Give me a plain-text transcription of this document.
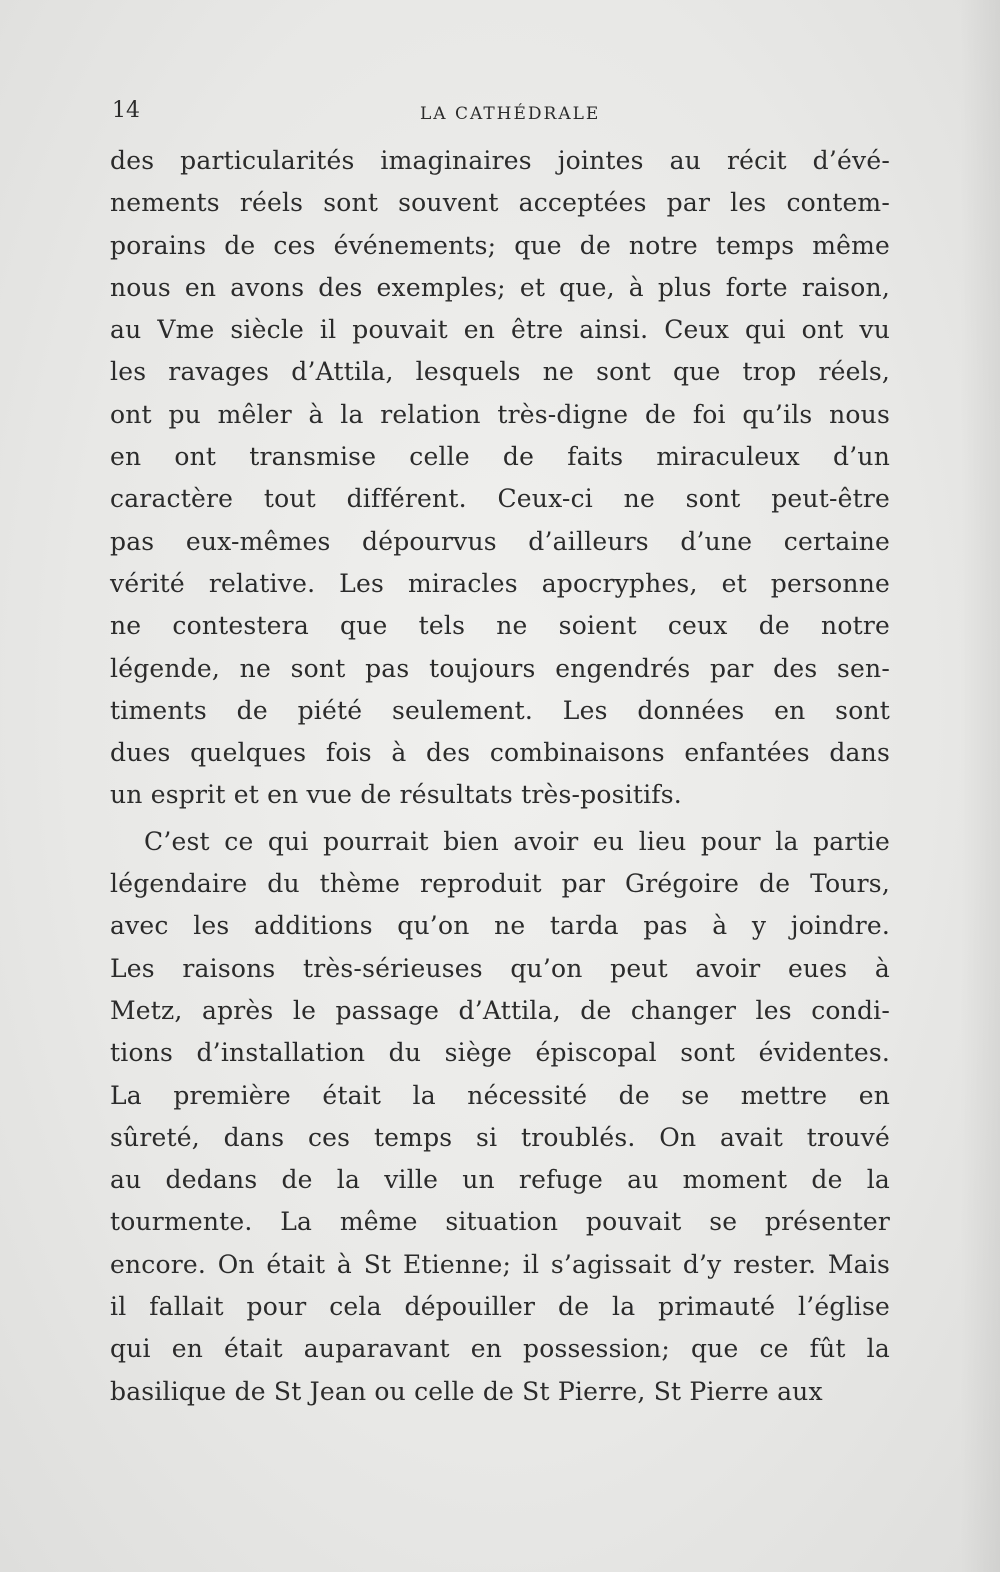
14	LA CATHÉDRALE
des particularités imaginaires jointes au récit d’évé-
nements réels sont souvent acceptées par les contem-
porains de ces événements; que de notre temps même
nous en avons des exemples; et que, à plus forte raison,
au Vme siècle il pouvait en être ainsi. Ceux qui ont vu
les ravages d’Attila, lesquels ne sont que trop réels,
ont pu mêler à la relation très-digne de foi qu’ils nous
en ont transmise celle de faits miraculeux d’un
caractère tout différent. Ceux-ci ne sont peut-être
pas eux-mêmes dépourvus d’ailleurs d’une certaine
vérité relative. Les miracles apocryphes, et personne
ne contestera que tels ne soient ceux de notre
légende, ne sont pas toujours engendrés par des sen-
timents de piété seulement. Les données en sont
dues quelques fois à des combinaisons enfantées dans
un esprit et en vue de résultats très-positifs.
C’est ce qui pourrait bien avoir eu lieu pour la partie
légendaire du thème reproduit par Grégoire de Tours,
avec les additions qu’on ne tarda pas à y joindre.
Les raisons très-sérieuses qu’on peut avoir eues à
Metz, après le passage d’Attila, de changer les condi-
tions d’installation du siège épiscopal sont évidentes.
La première était la nécessité de se mettre en
sûreté, dans ces temps si troublés. On avait trouvé
au dedans de la ville un refuge au moment de la
tourmente. La même situation pouvait se présenter
encore. On était à St Etienne; il s’agissait d’y rester. Mais
il fallait pour cela dépouiller de la primauté l’église
qui en était auparavant en possession; que ce fût la
basilique de St Jean ou celle de St Pierre, St Pierre aux
